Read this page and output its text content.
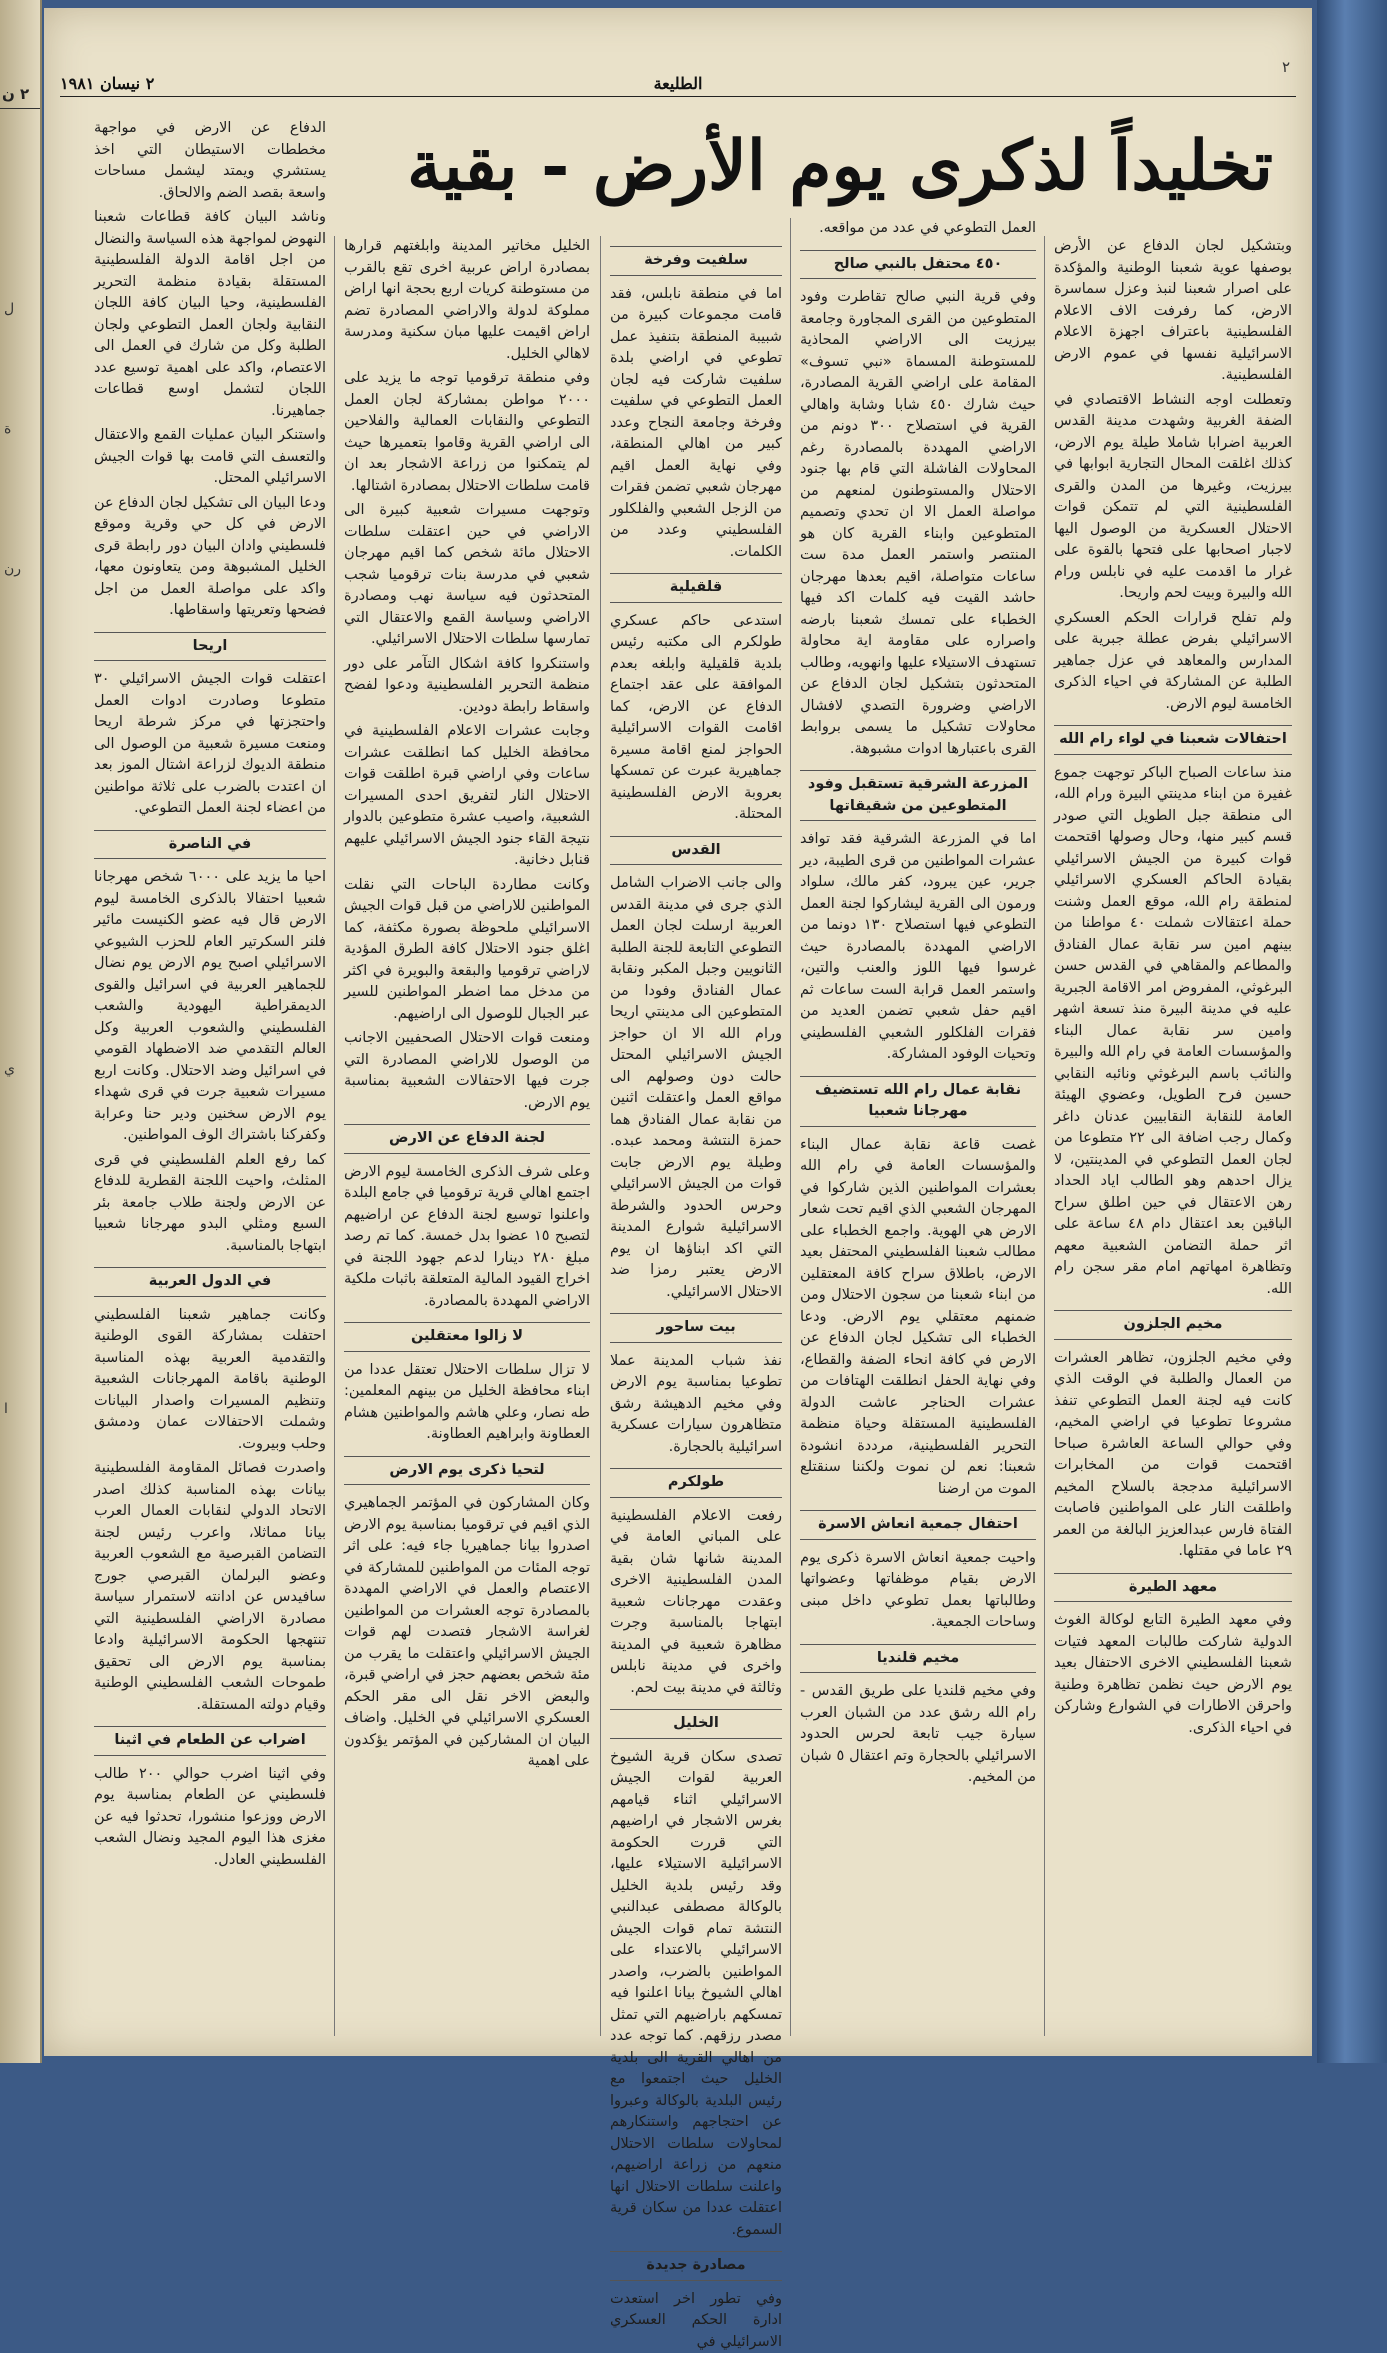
٢ ن
ل
ة
رن
ي
ا
٢
الطليعة
٢ نيسان ١٩٨١
تخليداً لذكرى يوم الأرض - بقية

وبتشكيل لجان الدفاع عن الأرض بوصفها عوية شعبنا الوطنية والمؤكدة على اصرار شعبنا لنبذ وعزل سماسرة الارض، كما رفرفت الاف الاعلام الفلسطينية باعتراف اجهزة الاعلام الاسرائيلية نفسها في عموم الارض الفلسطينية.

وتعطلت اوجه النشاط الاقتصادي في الضفة الغربية وشهدت مدينة القدس العربية اضرابا شاملا طيلة يوم الارض، كذلك اغلقت المحال التجارية ابوابها في بيرزيت، وغيرها من المدن والقرى الفلسطينية التي لم تتمكن قوات الاحتلال العسكرية من الوصول اليها لاجبار اصحابها على فتحها بالقوة على غرار ما اقدمت عليه في نابلس ورام الله والبيرة وبيت لحم واريحا.

ولم تفلح قرارات الحكم العسكري الاسرائيلي بفرض عطلة جبرية على المدارس والمعاهد في عزل جماهير الطلبة عن المشاركة في احياء الذكرى الخامسة ليوم الارض.

احتفالات شعبنا في لواء رام الله

منذ ساعات الصباح الباكر توجهت جموع غفيرة من ابناء مدينتي البيرة ورام الله، الى منطقة جبل الطويل التي صودر قسم كبير منها، وحال وصولها اقتحمت قوات كبيرة من الجيش الاسرائيلي بقيادة الحاكم العسكري الاسرائيلي لمنطقة رام الله، موقع العمل وشنت حملة اعتقالات شملت ٤٠ مواطنا من بينهم امين سر نقابة عمال الفنادق والمطاعم والمقاهي في القدس حسن البرغوثي، المفروض امر الاقامة الجبرية عليه في مدينة البيرة منذ تسعة اشهر وامين سر نقابة عمال البناء والمؤسسات العامة في رام الله والبيرة والنائب باسم البرغوثي ونائبه النقابي حسين فرح الطويل، وعضوي الهيئة العامة للنقابة النقابيين عدنان داغر وكمال رجب اضافة الى ٢٢ متطوعا من لجان العمل التطوعي في المدينتين، لا يزال احدهم وهو الطالب اياد الحداد رهن الاعتقال في حين اطلق سراح الباقين بعد اعتقال دام ٤٨ ساعة على اثر حملة التضامن الشعبية معهم وتظاهرة امهاتهم امام مقر سجن رام الله.

مخيم الجلزون

وفي مخيم الجلزون، تظاهر العشرات من العمال والطلبة في الوقت الذي كانت فيه لجنة العمل التطوعي تنفذ مشروعا تطوعيا في اراضي المخيم، وفي حوالي الساعة العاشرة صباحا اقتحمت قوات من المخابرات الاسرائيلية مدججة بالسلاح المخيم واطلقت النار على المواطنين فاصابت الفتاة فارس عبدالعزيز البالغة من العمر ٢٩ عاما في مقتلها.

معهد الطيرة

وفي معهد الطيرة التابع لوكالة الغوث الدولية شاركت طالبات المعهد فتيات شعبنا الفلسطيني الاخرى الاحتفال بعيد يوم الارض حيث نظمن تظاهرة وطنية واحرقن الاطارات في الشوارع وشاركن في احياء الذكرى.

العمل التطوعي في عدد من مواقعه.

٤٥٠ محتفل بالنبي صالح

وفي قرية النبي صالح تقاطرت وفود المتطوعين من القرى المجاورة وجامعة بيرزيت الى الاراضي المحاذية للمستوطنة المسماة «نبي تسوف» المقامة على اراضي القرية المصادرة، حيث شارك ٤٥٠ شابا وشابة واهالي القرية في استصلاح ٣٠٠ دونم من الاراضي المهددة بالمصادرة رغم المحاولات الفاشلة التي قام بها جنود الاحتلال والمستوطنون لمنعهم من مواصلة العمل الا ان تحدي وتصميم المتطوعين وابناء القرية كان هو المنتصر واستمر العمل مدة ست ساعات متواصلة، اقيم بعدها مهرجان حاشد القيت فيه كلمات اكد فيها الخطباء على تمسك شعبنا بارضه واصراره على مقاومة اية محاولة تستهدف الاستيلاء عليها وانهويه، وطالب المتحدثون بتشكيل لجان الدفاع عن الاراضي وضرورة التصدي لافشال محاولات تشكيل ما يسمى بروابط القرى باعتبارها ادوات مشبوهة.

المزرعة الشرقية تستقبل وفود المتطوعين من شقيقاتها

اما في المزرعة الشرقية فقد توافد عشرات المواطنين من قرى الطيبة، دير جرير، عين يبرود، كفر مالك، سلواد ورمون الى القرية ليشاركوا لجنة العمل التطوعي فيها استصلاح ١٣٠ دونما من الاراضي المهددة بالمصادرة حيث غرسوا فيها اللوز والعنب والتين، واستمر العمل قرابة الست ساعات ثم اقيم حفل شعبي تضمن العديد من فقرات الفلكلور الشعبي الفلسطيني وتحيات الوفود المشاركة.

نقابة عمال رام الله تستضيف مهرجانا شعبيا

غصت قاعة نقابة عمال البناء والمؤسسات العامة في رام الله بعشرات المواطنين الذين شاركوا في المهرجان الشعبي الذي اقيم تحت شعار الارض هي الهوية. واجمع الخطباء على مطالب شعبنا الفلسطيني المحتفل بعيد الارض، باطلاق سراح كافة المعتقلين من ابناء شعبنا من سجون الاحتلال ومن ضمنهم معتقلي يوم الارض. ودعا الخطباء الى تشكيل لجان الدفاع عن الارض في كافة انحاء الضفة والقطاع، وفي نهاية الحفل انطلقت الهتافات من عشرات الحناجر عاشت الدولة الفلسطينية المستقلة وحياة منظمة التحرير الفلسطينية، مرددة انشودة شعبنا: نعم لن نموت ولكننا سنقتلع الموت من ارضنا

احتفال جمعية انعاش الاسرة

واحيت جمعية انعاش الاسرة ذكرى يوم الارض بقيام موظفاتها وعضواتها وطالباتها بعمل تطوعي داخل مبنى وساحات الجمعية.

مخيم قلنديا

وفي مخيم قلنديا على طريق القدس - رام الله رشق عدد من الشبان العرب سيارة جيب تابعة لحرس الحدود الاسرائيلي بالحجارة وتم اعتقال ٥ شبان من المخيم.

سلفيت وفرخة

اما في منطقة نابلس، فقد قامت مجموعات كبيرة من شبيبة المنطقة بتنفيذ عمل تطوعي في اراضي بلدة سلفيت شاركت فيه لجان العمل التطوعي في سلفيت وفرخة وجامعة النجاح وعدد كبير من اهالي المنطقة، وفي نهاية العمل اقيم مهرجان شعبي تضمن فقرات من الزجل الشعبي والفلكلور الفلسطيني وعدد من الكلمات.

قلقيلية

استدعى حاكم عسكري طولكرم الى مكتبه رئيس بلدية قلقيلية وابلغه بعدم الموافقة على عقد اجتماع الدفاع عن الارض، كما اقامت القوات الاسرائيلية الحواجز لمنع اقامة مسيرة جماهيرية عبرت عن تمسكها بعروبة الارض الفلسطينية المحتلة.

القدس

والى جانب الاضراب الشامل الذي جرى في مدينة القدس العربية ارسلت لجان العمل التطوعي التابعة للجنة الطلبة الثانويين وجبل المكبر ونقابة عمال الفنادق وفودا من المتطوعين الى مدينتي اريحا ورام الله الا ان حواجز الجيش الاسرائيلي المحتل حالت دون وصولهم الى مواقع العمل واعتقلت اثنين من نقابة عمال الفنادق هما حمزة النتشة ومحمد عبده. وطيلة يوم الارض جابت قوات من الجيش الاسرائيلي وحرس الحدود والشرطة الاسرائيلية شوارع المدينة التي اكد ابناؤها ان يوم الارض يعتبر رمزا ضد الاحتلال الاسرائيلي.

بيت ساحور

نفذ شباب المدينة عملا تطوعيا بمناسبة يوم الارض وفي مخيم الدهيشة رشق متظاهرون سيارات عسكرية اسرائيلية بالحجارة.

طولكرم

رفعت الاعلام الفلسطينية على المباني العامة في المدينة شانها شان بقية المدن الفلسطينية الاخرى وعقدت مهرجانات شعبية ابتهاجا بالمناسبة وجرت مظاهرة شعبية في المدينة واخرى في مدينة نابلس وثالثة في مدينة بيت لحم.

الخليل

تصدى سكان قرية الشيوخ العربية لقوات الجيش الاسرائيلي اثناء قيامهم بغرس الاشجار في اراضيهم التي قررت الحكومة الاسرائيلية الاستيلاء عليها، وقد رئيس بلدية الخليل بالوكالة مصطفى عبدالنبي النتشة تمام قوات الجيش الاسرائيلي بالاعتداء على المواطنين بالضرب، واصدر اهالي الشيوخ بيانا اعلنوا فيه تمسكهم باراضيهم التي تمثل مصدر رزقهم. كما توجه عدد من اهالي القرية الى بلدية الخليل حيث اجتمعوا مع رئيس البلدية بالوكالة وعبروا عن احتجاجهم واستنكارهم لمحاولات سلطات الاحتلال منعهم من زراعة اراضيهم، واعلنت سلطات الاحتلال انها اعتقلت عددا من سكان قرية السموع.

مصادرة جديدة

وفي تطور اخر استعدت ادارة الحكم العسكري الاسرائيلي في

الخليل مخاتير المدينة وابلغتهم قرارها بمصادرة اراض عربية اخرى تقع بالقرب من مستوطنة كريات اربع بحجة انها اراض مملوكة لدولة والاراضي المصادرة تضم اراض اقيمت عليها مبان سكنية ومدرسة لاهالي الخليل.

وفي منطقة ترقوميا توجه ما يزيد على ٢٠٠٠ مواطن بمشاركة لجان العمل التطوعي والنقابات العمالية والفلاحين الى اراضي القرية وقاموا بتعميرها حيث لم يتمكنوا من زراعة الاشجار بعد ان قامت سلطات الاحتلال بمصادرة اشتالها.

وتوجهت مسيرات شعبية كبيرة الى الاراضي في حين اعتقلت سلطات الاحتلال مائة شخص كما اقيم مهرجان شعبي في مدرسة بنات ترقوميا شجب المتحدثون فيه سياسة نهب ومصادرة الاراضي وسياسة القمع والاعتقال التي تمارسها سلطات الاحتلال الاسرائيلي.

واستنكروا كافة اشكال التآمر على دور منظمة التحرير الفلسطينية ودعوا لفضح واسقاط رابطة دودين.

وجابت عشرات الاعلام الفلسطينية في محافظة الخليل كما انطلقت عشرات ساعات وفي اراضي قبرة اطلقت قوات الاحتلال النار لتفريق احدى المسيرات الشعبية، واصيب عشرة متطوعين بالدوار نتيجة القاء جنود الجيش الاسرائيلي عليهم قنابل دخانية.

وكانت مطاردة الباحات التي نقلت المواطنين للاراضي من قبل قوات الجيش الاسرائيلي ملحوظة بصورة مكثفة، كما اغلق جنود الاحتلال كافة الطرق المؤدية لاراضي ترقوميا والبقعة والبويرة في اكثر من مدخل مما اضطر المواطنين للسير عبر الجبال للوصول الى اراضيهم.

ومنعت قوات الاحتلال الصحفيين الاجانب من الوصول للاراضي المصادرة التي جرت فيها الاحتفالات الشعبية بمناسبة يوم الارض.

لجنة الدفاع عن الارض

وعلى شرف الذكرى الخامسة ليوم الارض اجتمع اهالي قرية ترقوميا في جامع البلدة واعلنوا توسيع لجنة الدفاع عن اراضيهم لتصبح ١٥ عضوا بدل خمسة. كما تم رصد مبلغ ٢٨٠ دينارا لدعم جهود اللجنة في اخراج القيود المالية المتعلقة باثبات ملكية الاراضي المهددة بالمصادرة.

لا زالوا معتقلين

لا تزال سلطات الاحتلال تعتقل عددا من ابناء محافظة الخليل من بينهم المعلمين: طه نصار، وعلي هاشم والمواطنين هشام العطاونة وابراهيم العطاونة.

لتحيا ذكرى يوم الارض

وكان المشاركون في المؤتمر الجماهيري الذي اقيم في ترقوميا بمناسبة يوم الارض اصدروا بيانا جماهيريا جاء فيه: على اثر توجه المئات من المواطنين للمشاركة في الاعتصام والعمل في الاراضي المهددة بالمصادرة توجه العشرات من المواطنين لغراسة الاشجار فتصدت لهم قوات الجيش الاسرائيلي واعتقلت ما يقرب من مئة شخص بعضهم حجز في اراضي قبرة، والبعض الاخر نقل الى مقر الحكم العسكري الاسرائيلي في الخليل. واضاف البيان ان المشاركين في المؤتمر يؤكدون على اهمية

الدفاع عن الارض في مواجهة مخططات الاستيطان التي اخذ يستشري ويمتد ليشمل مساحات واسعة بقصد الضم والالحاق.

وناشد البيان كافة قطاعات شعبنا النهوض لمواجهة هذه السياسة والنضال من اجل اقامة الدولة الفلسطينية المستقلة بقيادة منظمة التحرير الفلسطينية، وحيا البيان كافة اللجان النقابية ولجان العمل التطوعي ولجان الطلبة وكل من شارك في العمل الى الاعتصام، واكد على اهمية توسيع عدد اللجان لتشمل اوسع قطاعات جماهيرنا.

واستنكر البيان عمليات القمع والاعتقال والتعسف التي قامت بها قوات الجيش الاسرائيلي المحتل.

ودعا البيان الى تشكيل لجان الدفاع عن الارض في كل حي وقرية وموقع فلسطيني وادان البيان دور رابطة قرى الخليل المشبوهة ومن يتعاونون معها، واكد على مواصلة العمل من اجل فضحها وتعريتها واسقاطها.

اريحا

اعتقلت قوات الجيش الاسرائيلي ٣٠ متطوعا وصادرت ادوات العمل واحتجزتها في مركز شرطة اريحا ومنعت مسيرة شعبية من الوصول الى منطقة الديوك لزراعة اشتال الموز بعد ان اعتدت بالضرب على ثلاثة مواطنين من اعضاء لجنة العمل التطوعي.

في الناصرة

احيا ما يزيد على ٦٠٠٠ شخص مهرجانا شعبيا احتفالا بالذكرى الخامسة ليوم الارض قال فيه عضو الكنيست مائير فلنر السكرتير العام للحزب الشيوعي الاسرائيلي اصبح يوم الارض يوم نضال للجماهير العربية في اسرائيل والقوى الديمقراطية اليهودية والشعب الفلسطيني والشعوب العربية وكل العالم التقدمي ضد الاضطهاد القومي في اسرائيل وضد الاحتلال. وكانت اربع مسيرات شعبية جرت في قرى شهداء يوم الارض سخنين ودير حنا وعرابة وكفركنا باشتراك الوف المواطنين.

كما رفع العلم الفلسطيني في قرى المثلث، واحيت اللجنة القطرية للدفاع عن الارض ولجنة طلاب جامعة بئر السبع ومثلي البدو مهرجانا شعبيا ابتهاجا بالمناسبة.

في الدول العربية

وكانت جماهير شعبنا الفلسطيني احتفلت بمشاركة القوى الوطنية والتقدمية العربية بهذه المناسبة الوطنية باقامة المهرجانات الشعبية وتنظيم المسيرات واصدار البيانات وشملت الاحتفالات عمان ودمشق وحلب وبيروت.

واصدرت فصائل المقاومة الفلسطينية بيانات بهذه المناسبة كذلك اصدر الاتحاد الدولي لنقابات العمال العرب بيانا مماثلا، واعرب رئيس لجنة التضامن القبرصية مع الشعوب العربية وعضو البرلمان القبرصي جورج سافيدس عن ادانته لاستمرار سياسة مصادرة الاراضي الفلسطينية التي تنتهجها الحكومة الاسرائيلية وادعا بمناسبة يوم الارض الى تحقيق طموحات الشعب الفلسطيني الوطنية وقيام دولته المستقلة.

اضراب عن الطعام في اثينا

وفي اثينا اضرب حوالي ٢٠٠ طالب فلسطيني عن الطعام بمناسبة يوم الارض ووزعوا منشورا، تحدثوا فيه عن مغزى هذا اليوم المجيد ونضال الشعب الفلسطيني العادل.
